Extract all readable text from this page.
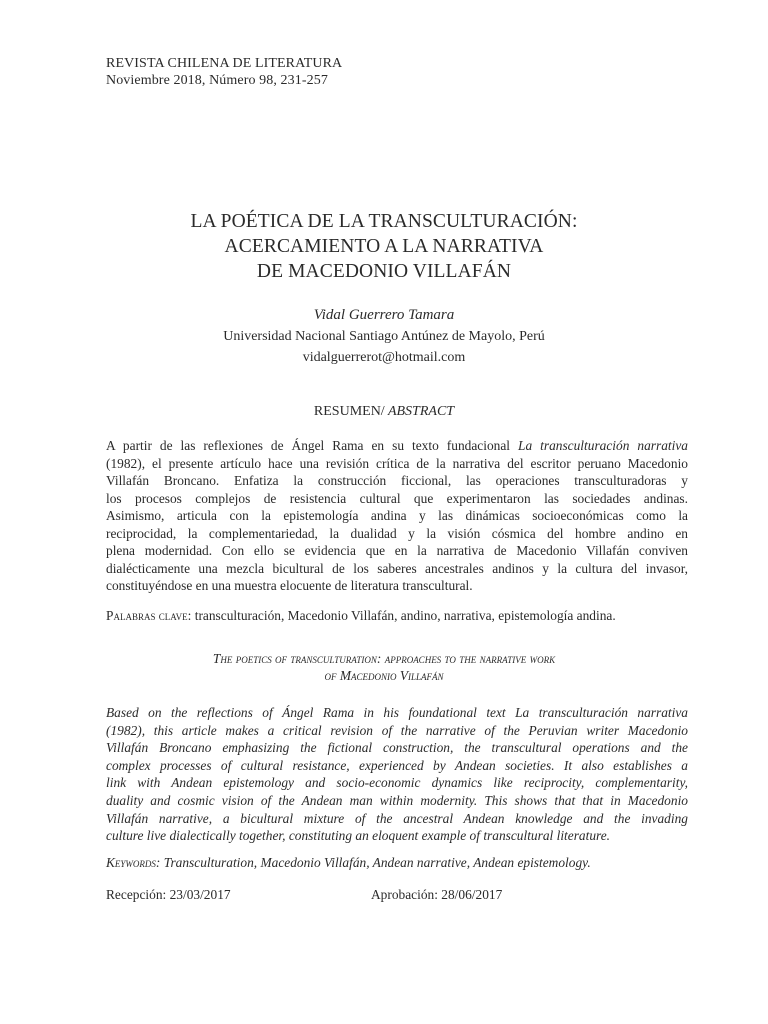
REVISTA CHILENA DE LITERATURA
Noviembre 2018, Número 98, 231-257
LA POÉTICA DE LA TRANSCULTURACIÓN:
ACERCAMIENTO A LA NARRATIVA
DE MACEDONIO VILLAFÁN
Vidal Guerrero Tamara
Universidad Nacional Santiago Antúnez de Mayolo, Perú
vidalguerrerot@hotmail.com
RESUMEN/ ABSTRACT
A partir de las reflexiones de Ángel Rama en su texto fundacional La transculturación narrativa
(1982), el presente artículo hace una revisión crítica de la narrativa del escritor peruano Macedonio
Villafán Broncano. Enfatiza la construcción ficcional, las operaciones transculturadoras y
los procesos complejos de resistencia cultural que experimentaron las sociedades andinas.
Asimismo, articula con la epistemología andina y las dinámicas socioeconómicas como la
reciprocidad, la complementariedad, la dualidad y la visión cósmica del hombre andino en
plena modernidad. Con ello se evidencia que en la narrativa de Macedonio Villafán conviven
dialécticamente una mezcla bicultural de los saberes ancestrales andinos y la cultura del invasor,
constituyéndose en una muestra elocuente de literatura transcultural.
Palabras clave: transculturación, Macedonio Villafán, andino, narrativa, epistemología andina.
The poetics of transculturation: approaches to the narrative work
of Macedonio Villafán
Based on the reflections of Ángel Rama in his foundational text La transculturación narrativa
(1982), this article makes a critical revision of the narrative of the Peruvian writer Macedonio
Villafán Broncano emphasizing the fictional construction, the transcultural operations and the
complex processes of cultural resistance, experienced by Andean societies. It also establishes a
link with Andean epistemology and socio-economic dynamics like reciprocity, complementarity,
duality and cosmic vision of the Andean man within modernity. This shows that that in Macedonio
Villafán narrative, a bicultural mixture of the ancestral Andean knowledge and the invading
culture live dialectically together, constituting an eloquent example of transcultural literature.
Keywords: Transculturation, Macedonio Villafán, Andean narrative, Andean epistemology.
Recepción: 23/03/2017	Aprobación: 28/06/2017
